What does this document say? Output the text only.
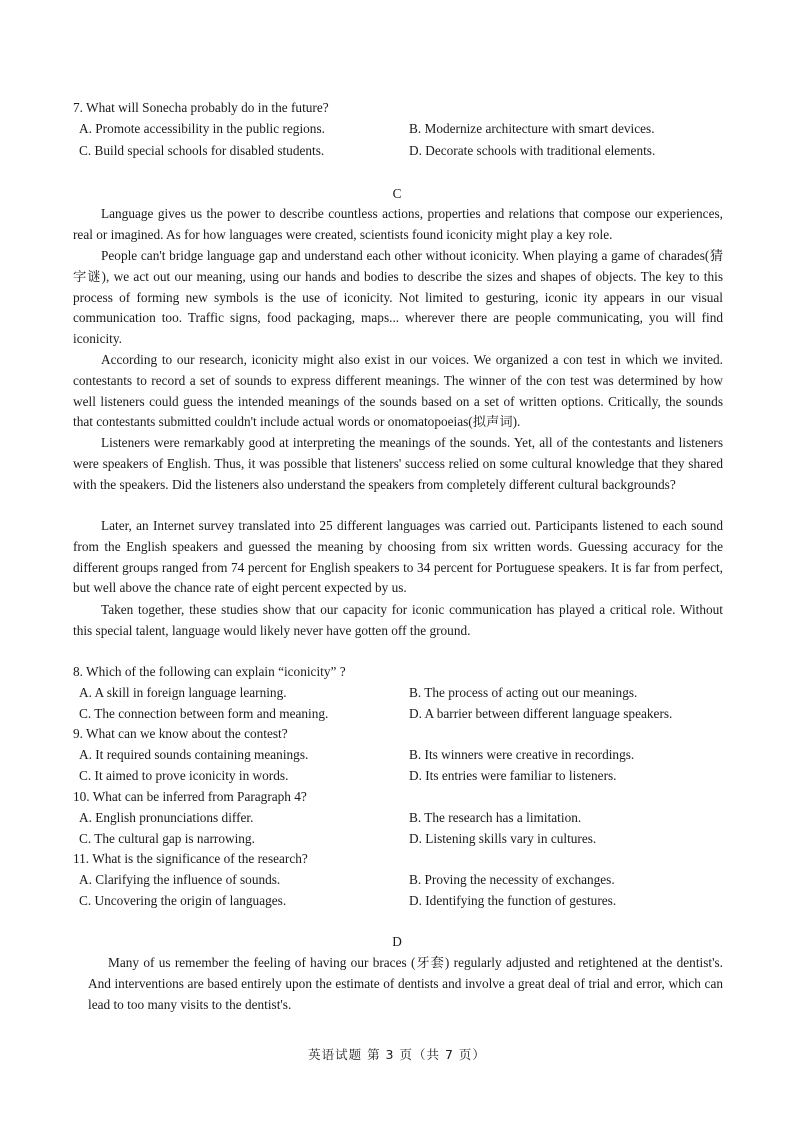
7. What will Sonecha probably do in the future?
A. Promote accessibility in the public regions.	B. Modernize architecture with smart devices.
C. Build special schools for disabled students.	D. Decorate schools with traditional elements.
C

Language gives us the power to describe countless actions, properties and relations that compose our experiences, real or imagined. As for how languages were created, scientists found iconicity might play a key role.

People can't bridge language gap and understand each other without iconicity. When playing a game of charades(猜字谜), we act out our meaning, using our hands and bodies to describe the sizes and shapes of objects. The key to this process of forming new symbols is the use of iconicity. Not limited to gesturing, iconic ity appears in our visual communication too. Traffic signs, food packaging, maps... wherever there are people communicating, you will find iconicity.

According to our research, iconicity might also exist in our voices. We organized a con test in which we invited. contestants to record a set of sounds to express different meanings. The winner of the con test was determined by how well listeners could guess the intended meanings of the sounds based on a set of written options. Critically, the sounds that contestants submitted couldn't include actual words or onomatopoeias(拟声词).

Listeners were remarkably good at interpreting the meanings of the sounds. Yet, all of the contestants and listeners were speakers of English. Thus, it was possible that listeners' success relied on some cultural knowledge that they shared with the speakers. Did the listeners also understand the speakers from completely different cultural backgrounds?

Later, an Internet survey translated into 25 different languages was carried out. Participants listened to each sound from the English speakers and guessed the meaning by choosing from six written words. Guessing accuracy for the different groups ranged from 74 percent for English speakers to 34 percent for Portuguese speakers. It is far from perfect, but well above the chance rate of eight percent expected by us.

Taken together, these studies show that our capacity for iconic communication has played a critical role. Without this special talent, language would likely never have gotten off the ground.

8. Which of the following can explain “iconicity” ?
A. A skill in foreign language learning.	B. The process of acting out our meanings.
C. The connection between form and meaning.	D. A barrier between different language speakers.
9. What can we know about the contest?
A. It required sounds containing meanings.	B. Its winners were creative in recordings.
C. It aimed to prove iconicity in words.	D. Its entries were familiar to listeners.
10. What can be inferred from Paragraph 4?
A. English pronunciations differ.	B. The research has a limitation.
C. The cultural gap is narrowing.	D. Listening skills vary in cultures.
11. What is the significance of the research?
A. Clarifying the influence of sounds.	B. Proving the necessity of exchanges.
C. Uncovering the origin of languages.	D. Identifying the function of gestures.
D

Many of us remember the feeling of having our braces (牙套) regularly adjusted and retightened at the dentist's. And interventions are based entirely upon the estimate of dentists and involve a great deal of trial and error, which can lead to too many visits to the dentist's.

英语试题 第 3 页（共 7 页）
